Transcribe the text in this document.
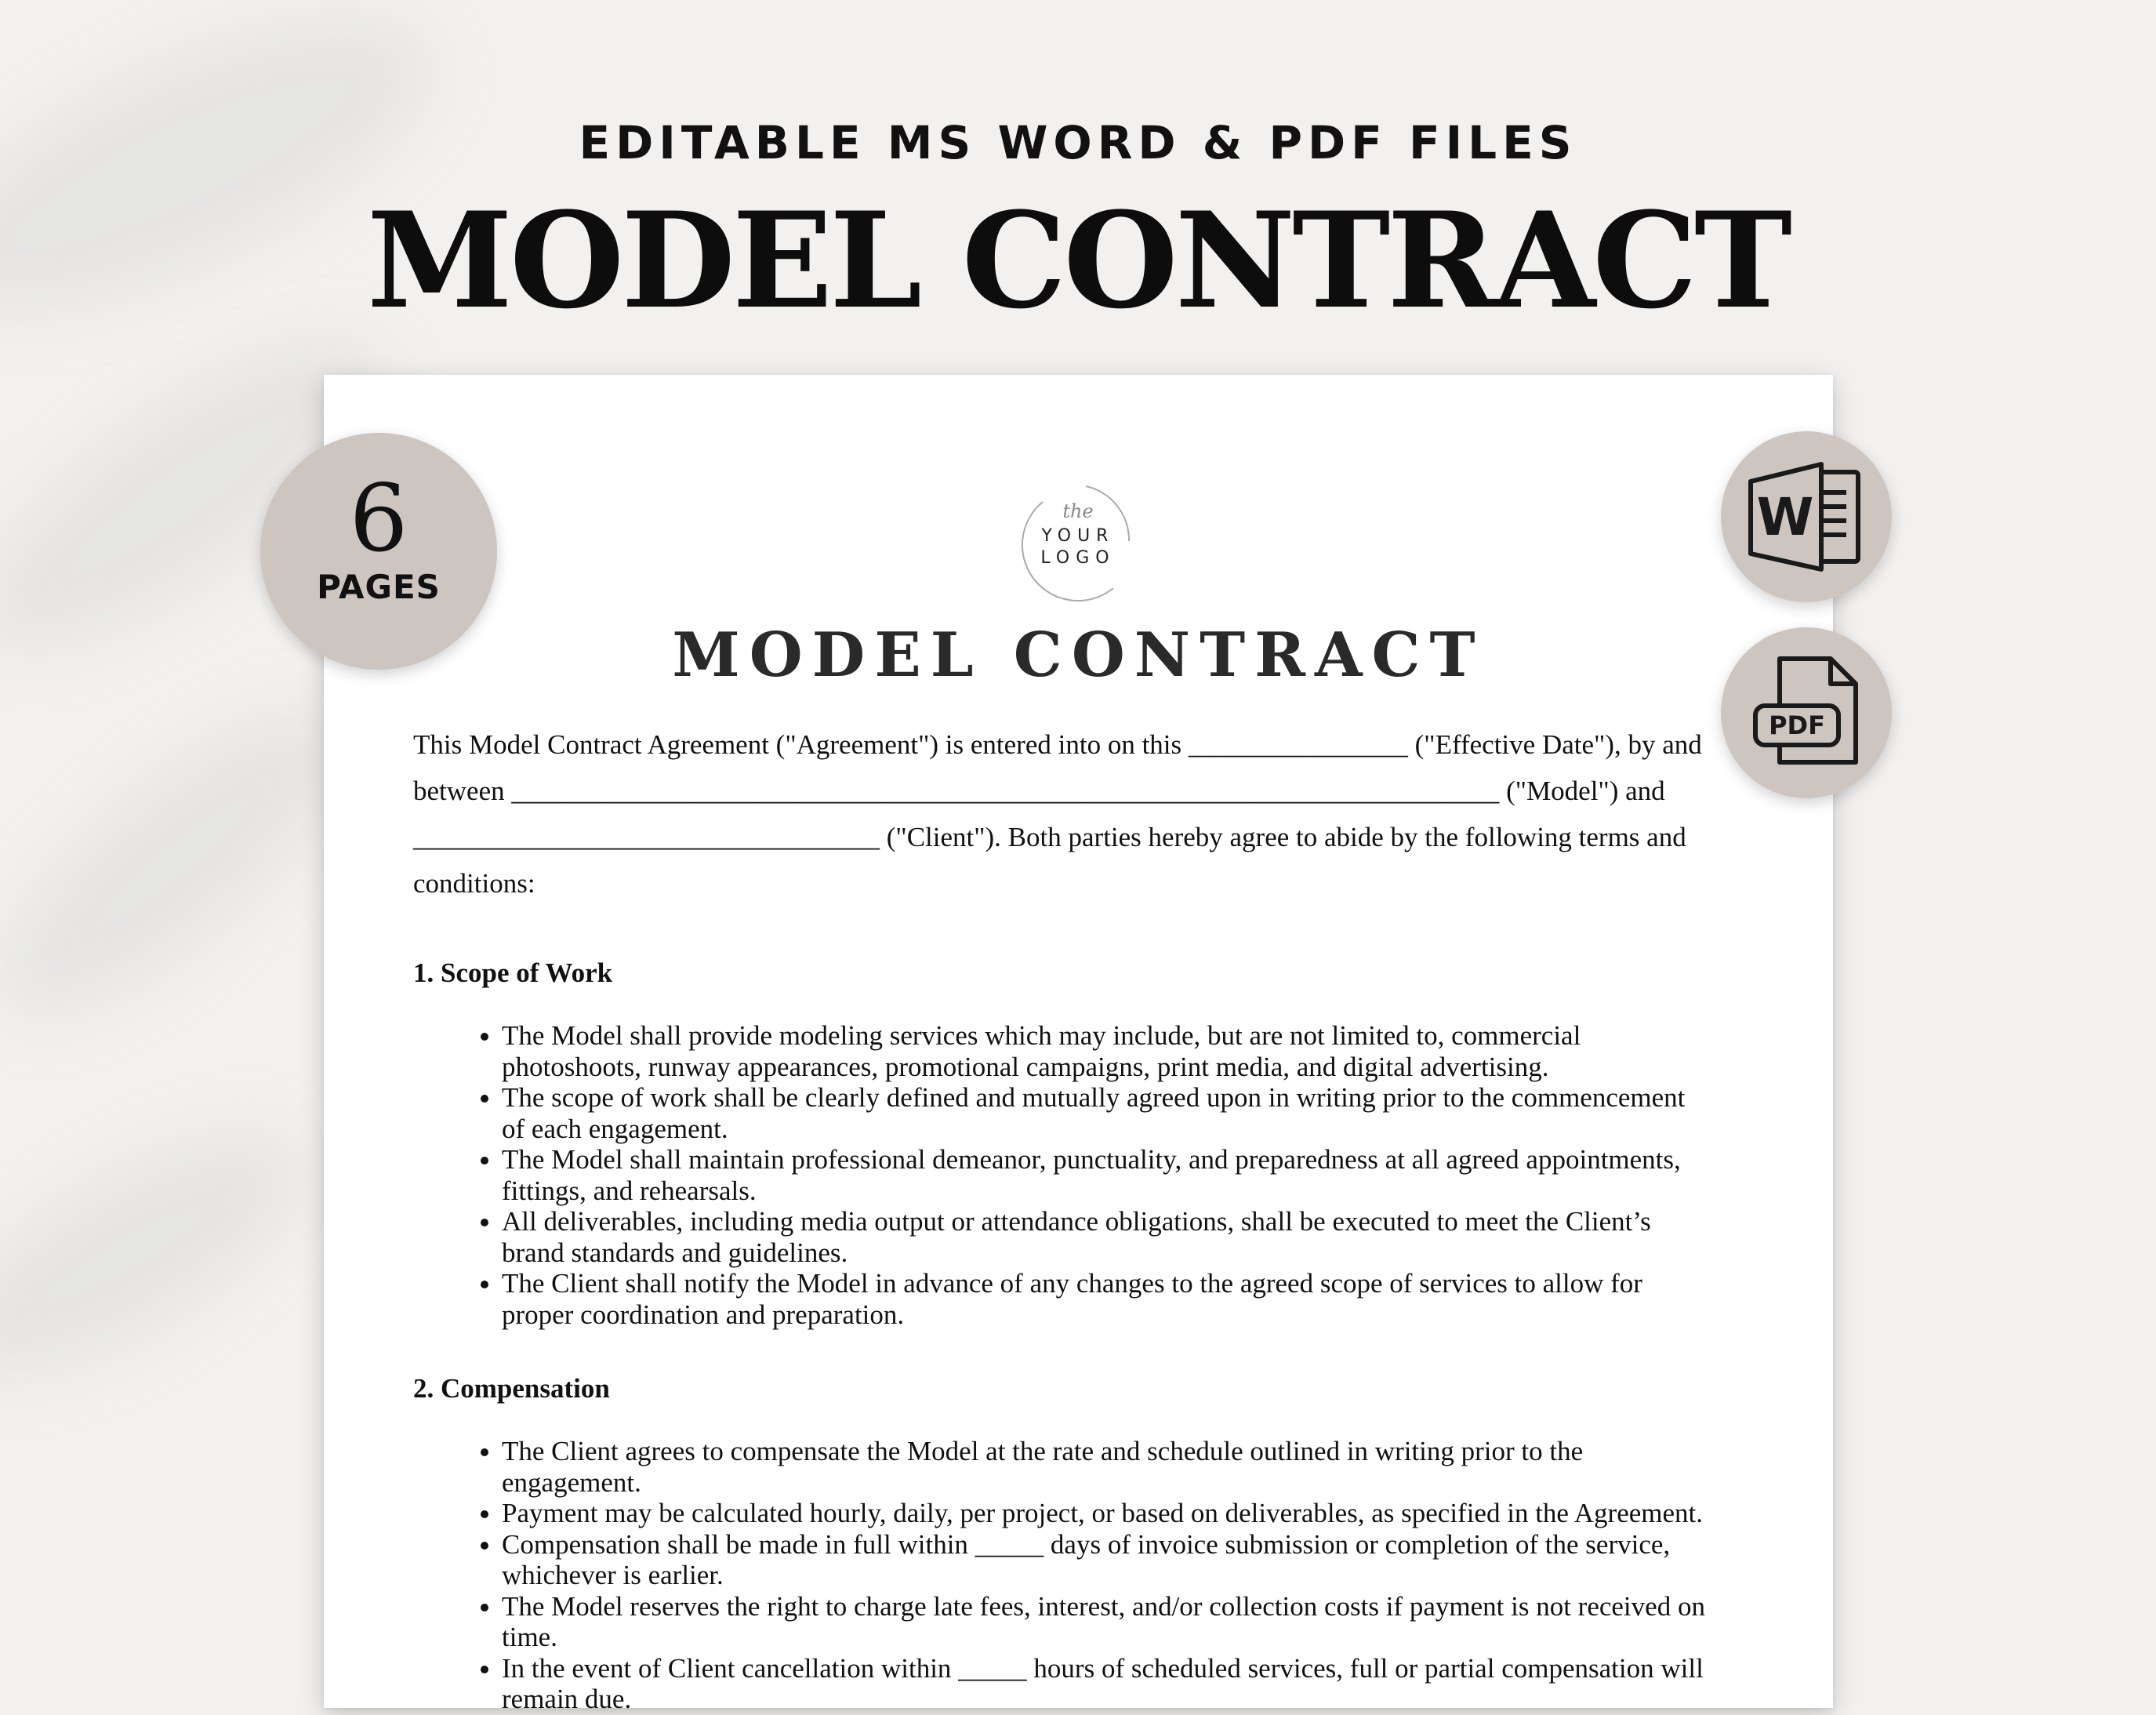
EDITABLE MS WORD & PDF FILES
MODEL CONTRACT
the
YOUR
LOGO
MODEL CONTRACT

This Model Contract Agreement ("Agreement") is entered into on this ________________ ("Effective Date"), by and
between ________________________________________________________________________ ("Model") and
__________________________________ ("Client"). Both parties hereby agree to abide by the following terms and
conditions:

1. Scope of Work

• The Model shall provide modeling services which may include, but are not limited to, commercial photoshoots, runway appearances, promotional campaigns, print media, and digital advertising.
• The scope of work shall be clearly defined and mutually agreed upon in writing prior to the commencement of each engagement.
• The Model shall maintain professional demeanor, punctuality, and preparedness at all agreed appointments, fittings, and rehearsals.
• All deliverables, including media output or attendance obligations, shall be executed to meet the Client’s brand standards and guidelines.
• The Client shall notify the Model in advance of any changes to the agreed scope of services to allow for proper coordination and preparation.

2. Compensation

• The Client agrees to compensate the Model at the rate and schedule outlined in writing prior to the engagement.
• Payment may be calculated hourly, daily, per project, or based on deliverables, as specified in the Agreement.
• Compensation shall be made in full within _____ days of invoice submission or completion of the service, whichever is earlier.
• The Model reserves the right to charge late fees, interest, and/or collection costs if payment is not received on time.
• In the event of Client cancellation within _____ hours of scheduled services, full or partial compensation will remain due.
6
PAGES
W
PDF
